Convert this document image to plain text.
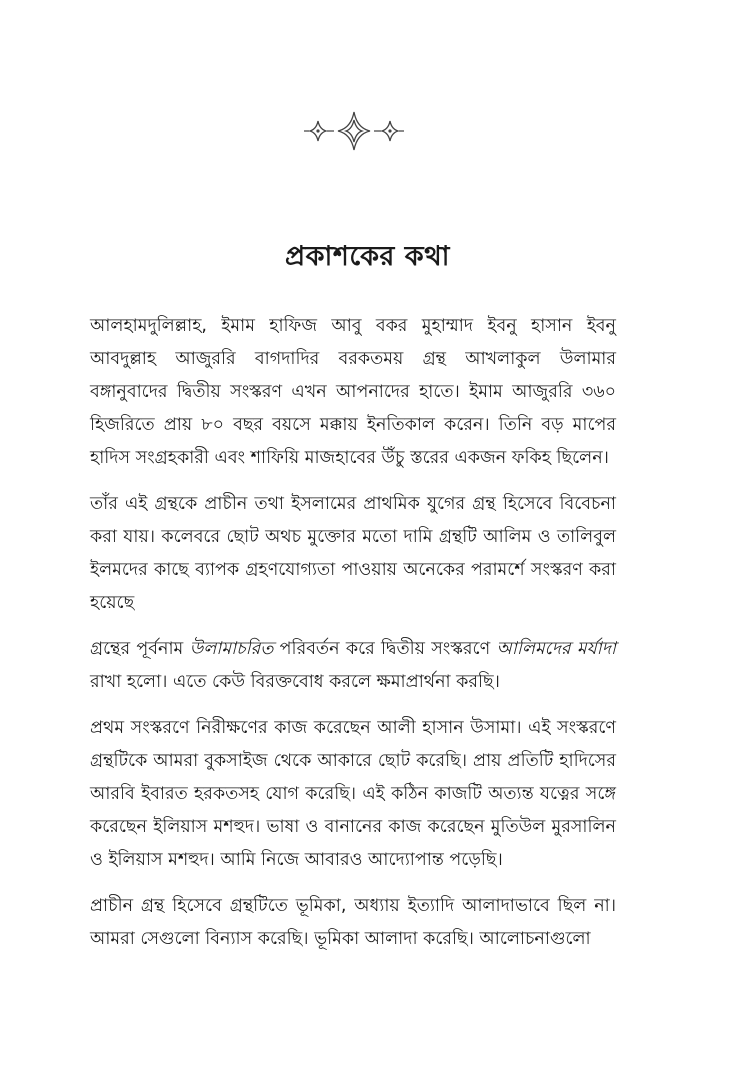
প্রকাশকের কথা

আলহামদুলিল্লাহ, ইমাম হাফিজ আবু বকর মুহাম্মাদ ইবনু হাসান ইবনু আবদুল্লাহ আজুররি বাগদাদির বরকতময় গ্রন্থ আখলাকুল উলামার বঙ্গানুবাদের দ্বিতীয় সংস্করণ এখন আপনাদের হাতে। ইমাম আজুররি ৩৬০ হিজরিতে প্রায় ৮০ বছর বয়সে মক্কায় ইনতিকাল করেন। তিনি বড় মাপের হাদিস সংগ্রহকারী এবং শাফিয়ি মাজহাবের উঁচু স্তরের একজন ফকিহ ছিলেন।

তাঁর এই গ্রন্থকে প্রাচীন তথা ইসলামের প্রাথমিক যুগের গ্রন্থ হিসেবে বিবেচনা করা যায়। কলেবরে ছোট অথচ মুক্তোর মতো দামি গ্রন্থটি আলিম ও তালিবুল ইলমদের কাছে ব্যাপক গ্রহণযোগ্যতা পাওয়ায় অনেকের পরামর্শে সংস্করণ করা হয়েছে

গ্রন্থের পূর্বনাম উলামাচরিত পরিবর্তন করে দ্বিতীয় সংস্করণে আলিমদের মর্যাদা রাখা হলো। এতে কেউ বিরক্তবোধ করলে ক্ষমাপ্রার্থনা করছি।

প্রথম সংস্করণে নিরীক্ষণের কাজ করেছেন আলী হাসান উসামা। এই সংস্করণে গ্রন্থটিকে আমরা বুকসাইজ থেকে আকারে ছোট করেছি। প্রায় প্রতিটি হাদিসের আরবি ইবারত হরকতসহ যোগ করেছি। এই কঠিন কাজটি অত্যন্ত যত্নের সঙ্গে করেছেন ইলিয়াস মশহুদ। ভাষা ও বানানের কাজ করেছেন মুতিউল মুরসালিন ও ইলিয়াস মশহুদ। আমি নিজে আবারও আদ্যোপান্ত পড়েছি।

প্রাচীন গ্রন্থ হিসেবে গ্রন্থটিতে ভূমিকা, অধ্যায় ইত্যাদি আলাদাভাবে ছিল না। আমরা সেগুলো বিন্যাস করেছি। ভূমিকা আলাদা করেছি। আলোচনাগুলো
